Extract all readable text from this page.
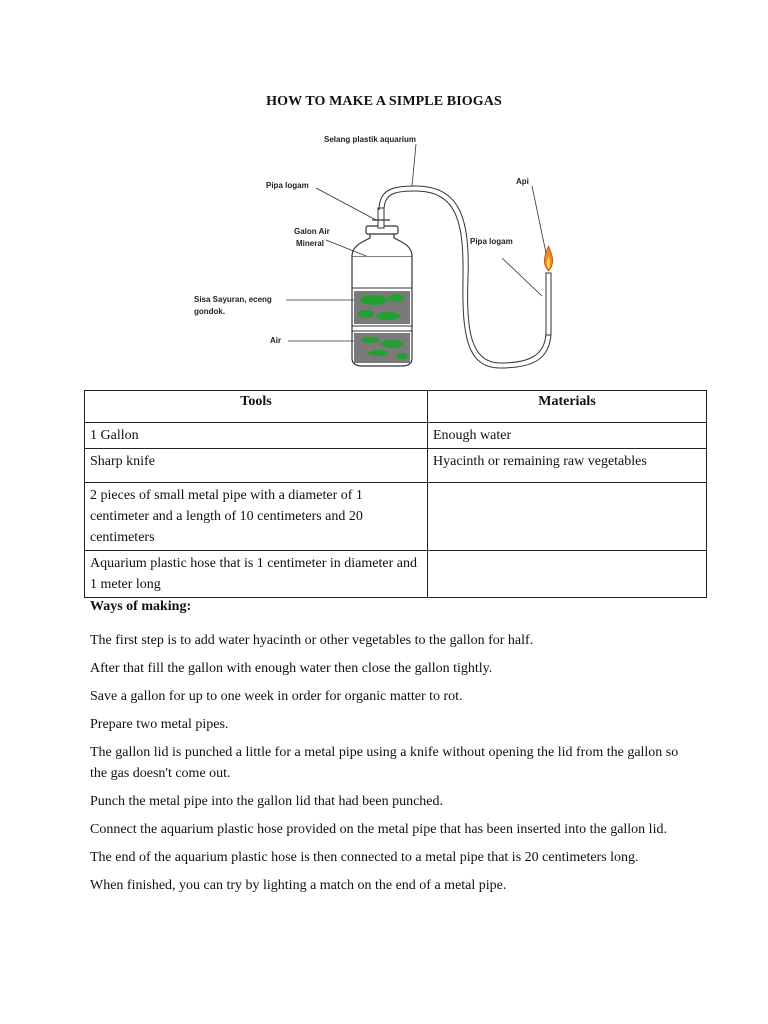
HOW TO MAKE A SIMPLE BIOGAS
Selang plastik aquarium
Pipa logam	Api
Galon Air
Mineral	Pipa logam
Sisa Sayuran, eceng
gondok.
Air
Tools	Materials
1 Gallon	Enough water
Sharp knife	Hyacinth or remaining raw vegetables
2 pieces of small metal pipe with a diameter of 1 centimeter and a length of 10 centimeters and 20 centimeters	
Aquarium plastic hose that is 1 centimeter in diameter and 1 meter long	
Ways of making:

The first step is to add water hyacinth or other vegetables to the gallon for half.

After that fill the gallon with enough water then close the gallon tightly.

Save a gallon for up to one week in order for organic matter to rot.

Prepare two metal pipes.

The gallon lid is punched a little for a metal pipe using a knife without opening the lid from the gallon so the gas doesn't come out.

Punch the metal pipe into the gallon lid that had been punched.

Connect the aquarium plastic hose provided on the metal pipe that has been inserted into the gallon lid.

The end of the aquarium plastic hose is then connected to a metal pipe that is 20 centimeters long.

When finished, you can try by lighting a match on the end of a metal pipe.
